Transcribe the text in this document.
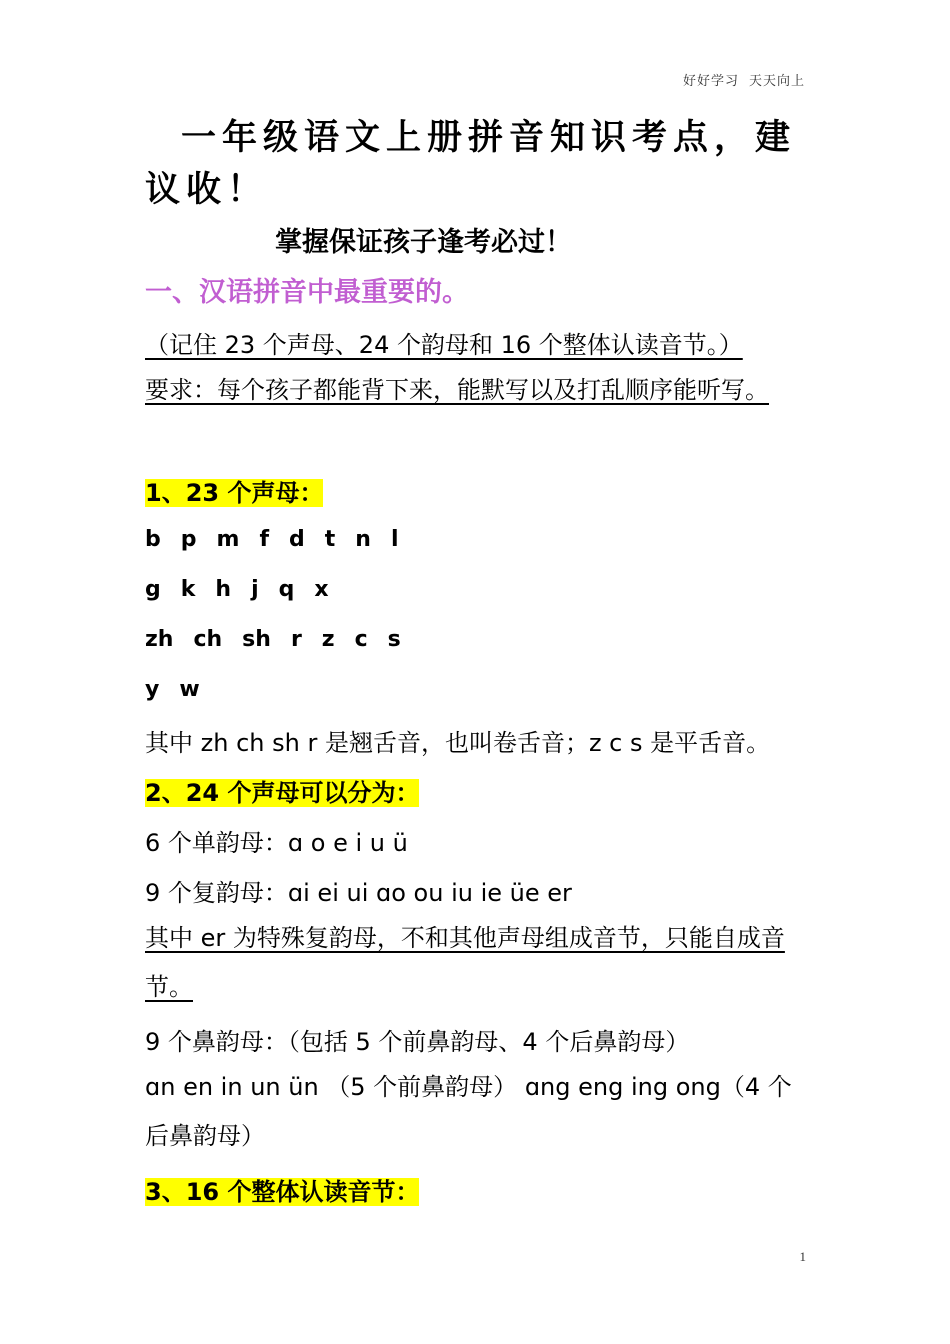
好好学习 天天向上
一年级语文上册拼音知识考点，建议收！
掌握保证孩子逢考必过！
一、汉语拼音中最重要的。
（记住 23 个声母、24 个韵母和 16 个整体认读音节。）
要求：每个孩子都能背下来，能默写以及打乱顺序能听写。
1、23 个声母：
b p m f d t n l
g k h j q x
zh ch sh r z c s
y w
其中 zh ch sh r 是翘舌音，也叫卷舌音；z c s 是平舌音。
2、24 个声母可以分为：
6 个单韵母：ɑ o e i u ü
9 个复韵母：ɑi ei ui ɑo ou iu ie üe er
其中 er 为特殊复韵母，不和其他声母组成音节，只能自成音节。
9 个鼻韵母：（包括 5 个前鼻韵母、4 个后鼻韵母）
ɑn en in un ün （5 个前鼻韵母） ɑng eng ing ong（4 个后鼻韵母）
3、16 个整体认读音节：
1
